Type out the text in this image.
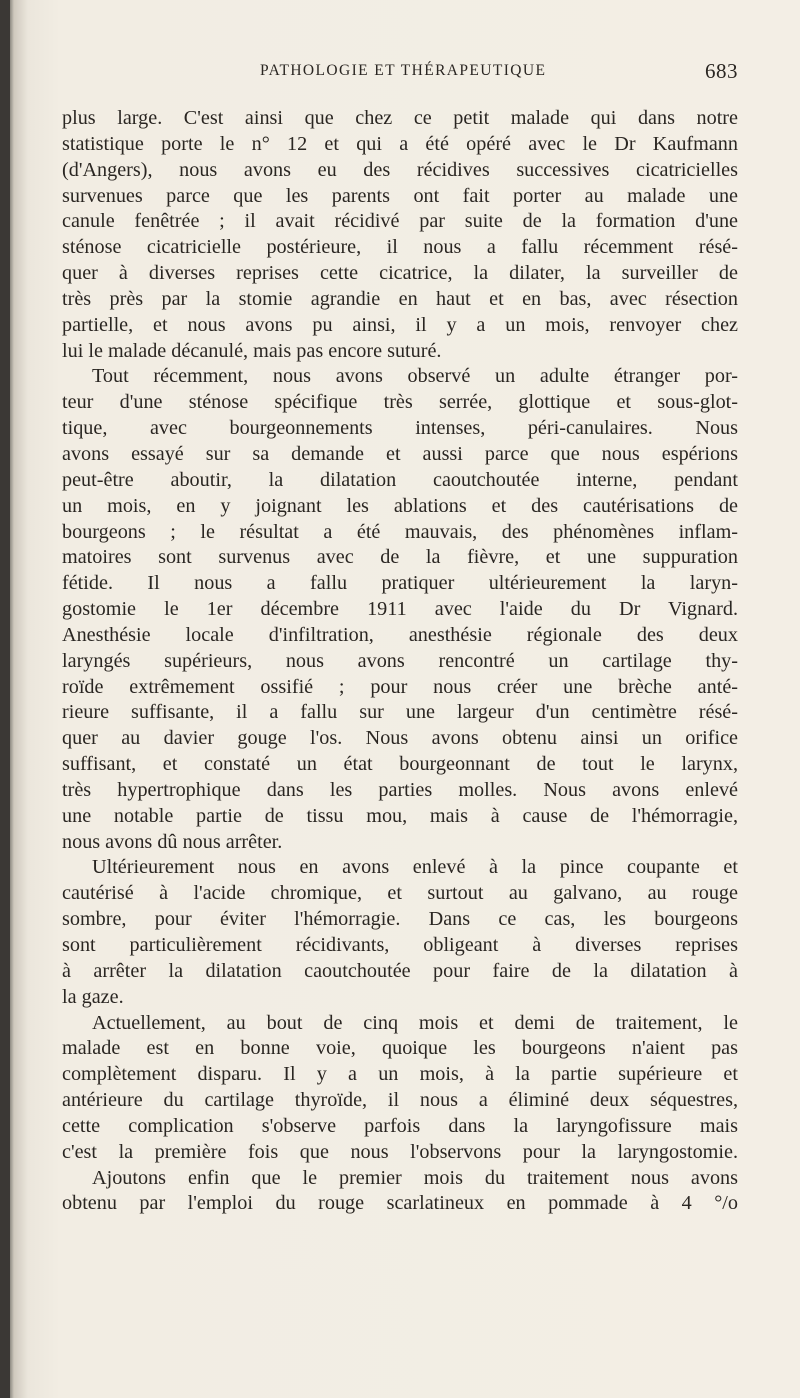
PATHOLOGIE ET THÉRAPEUTIQUE	683
plus large. C'est ainsi que chez ce petit malade qui dans notre
statistique porte le n° 12 et qui a été opéré avec le Dr Kaufmann
(d'Angers), nous avons eu des récidives successives cicatricielles
survenues parce que les parents ont fait porter au malade une
canule fenêtrée ; il avait récidivé par suite de la formation d'une
sténose cicatricielle postérieure, il nous a fallu récemment résé-
quer à diverses reprises cette cicatrice, la dilater, la surveiller de
très près par la stomie agrandie en haut et en bas, avec résection
partielle, et nous avons pu ainsi, il y a un mois, renvoyer chez
lui le malade décanulé, mais pas encore suturé.
Tout récemment, nous avons observé un adulte étranger por-
teur d'une sténose spécifique très serrée, glottique et sous-glot-
tique, avec bourgeonnements intenses, péri-canulaires. Nous
avons essayé sur sa demande et aussi parce que nous espérions
peut-être aboutir, la dilatation caoutchoutée interne, pendant
un mois, en y joignant les ablations et des cautérisations de
bourgeons ; le résultat a été mauvais, des phénomènes inflam-
matoires sont survenus avec de la fièvre, et une suppuration
fétide. Il nous a fallu pratiquer ultérieurement la laryn-
gostomie le 1er décembre 1911 avec l'aide du Dr Vignard.
Anesthésie locale d'infiltration, anesthésie régionale des deux
laryngés supérieurs, nous avons rencontré un cartilage thy-
roïde extrêmement ossifié ; pour nous créer une brèche anté-
rieure suffisante, il a fallu sur une largeur d'un centimètre résé-
quer au davier gouge l'os. Nous avons obtenu ainsi un orifice
suffisant, et constaté un état bourgeonnant de tout le larynx,
très hypertrophique dans les parties molles. Nous avons enlevé
une notable partie de tissu mou, mais à cause de l'hémorragie,
nous avons dû nous arrêter.
Ultérieurement nous en avons enlevé à la pince coupante et
cautérisé à l'acide chromique, et surtout au galvano, au rouge
sombre, pour éviter l'hémorragie. Dans ce cas, les bourgeons
sont particulièrement récidivants, obligeant à diverses reprises
à arrêter la dilatation caoutchoutée pour faire de la dilatation à
la gaze.
Actuellement, au bout de cinq mois et demi de traitement, le
malade est en bonne voie, quoique les bourgeons n'aient pas
complètement disparu. Il y a un mois, à la partie supérieure et
antérieure du cartilage thyroïde, il nous a éliminé deux séquestres,
cette complication s'observe parfois dans la laryngofissure mais
c'est la première fois que nous l'observons pour la laryngostomie.
Ajoutons enfin que le premier mois du traitement nous avons
obtenu par l'emploi du rouge scarlatineux en pommade à 4 °/o
